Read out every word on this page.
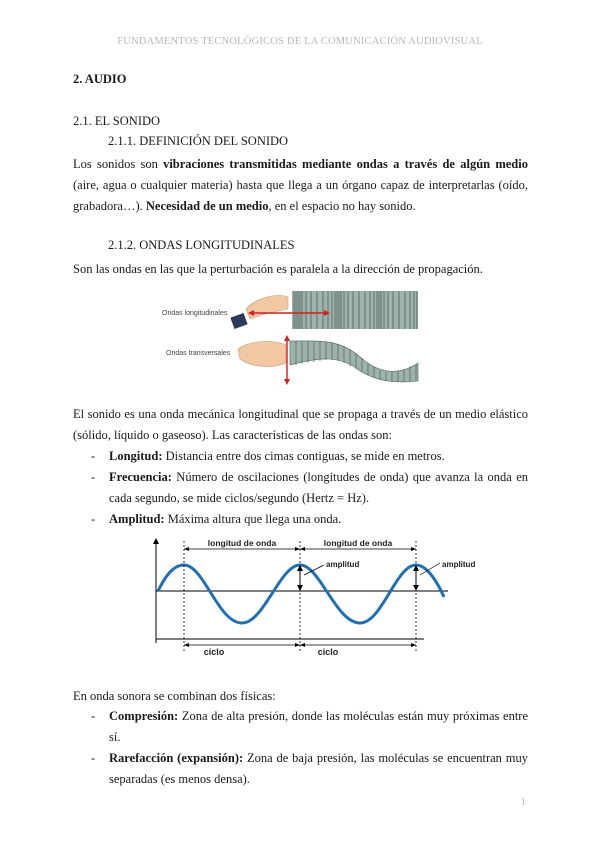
FUNDAMENTOS TECNOLÓGICOS DE LA COMUNICACIÓN AUDIOVISUAL
2. AUDIO
2.1. EL SONIDO
2.1.1. DEFINICIÓN DEL SONIDO

Los sonidos son vibraciones transmitidas mediante ondas a través de algún medio (aire, agua o cualquier materia) hasta que llega a un órgano capaz de interpretarlas (oído, grabadora…). Necesidad de un medio, en el espacio no hay sonido.

2.1.2. ONDAS LONGITUDINALES

Son las ondas en las que la perturbación es paralela a la dirección de propagación.

Ondas longitudinales
Ondas transversales

El sonido es una onda mecánica longitudinal que se propaga a través de un medio elástico (sólido, líquido o gaseoso). Las características de las ondas son:

- Longitud: Distancia entre dos cimas contiguas, se mide en metros.
- Frecuencia: Número de oscilaciones (longitudes de onda) que avanza la onda en cada segundo, se mide ciclos/segundo (Hertz = Hz).
- Amplitud: Máxima altura que llega una onda.
longitud de onda	longitud de onda
amplitud	amplitud
ciclo	ciclo

En onda sonora se combinan dos físicas:

- Compresión: Zona de alta presión, donde las moléculas están muy próximas entre sí.
- Rarefacción (expansión): Zona de baja presión, las moléculas se encuentran muy separadas (es menos densa).
1
